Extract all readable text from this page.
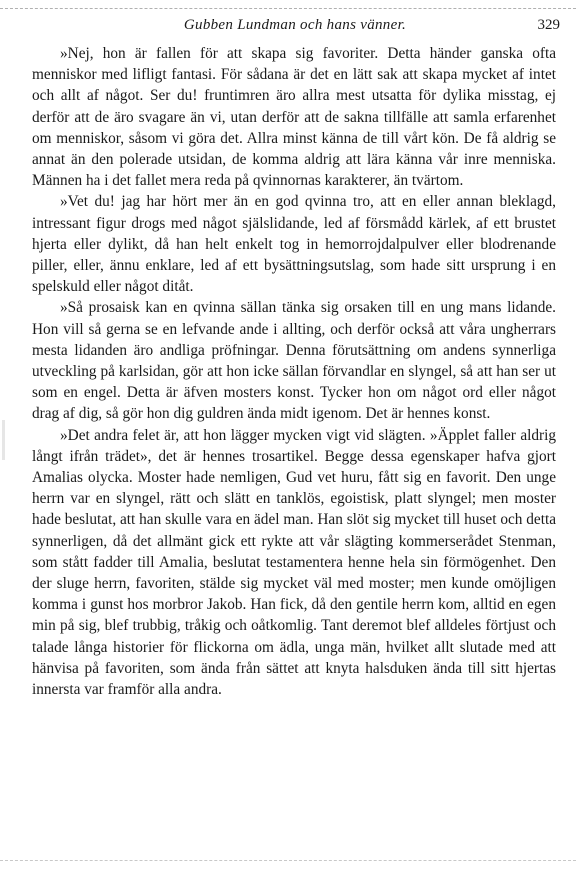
Gubben Lundman och hans vänner.	329

»Nej, hon är fallen för att skapa sig favoriter. Detta händer ganska ofta menniskor med lifligt fantasi. För sådana är det en lätt sak att skapa mycket af intet och allt af något. Ser du! fruntimren äro allra mest utsatta för dylika misstag, ej derför att de äro svagare än vi, utan derför att de sakna tillfälle att samla erfarenhet om menniskor, såsom vi göra det. Allra minst känna de till vårt kön. De få aldrig se annat än den polerade utsidan, de komma aldrig att lära känna vår inre menniska. Männen ha i det fallet mera reda på qvinnornas karakterer, än tvärtom.

»Vet du! jag har hört mer än en god qvinna tro, att en eller annan bleklagd, intressant figur drogs med något själslidande, led af försmådd kärlek, af ett brustet hjerta eller dylikt, då han helt enkelt tog in hemorrojdalpulver eller blodrenande piller, eller, ännu enklare, led af ett bysättningsutslag, som hade sitt ursprung i en spelskuld eller något ditåt.

»Så prosaisk kan en qvinna sällan tänka sig orsaken till en ung mans lidande. Hon vill så gerna se en lefvande ande i allting, och derför också att våra ungherrars mesta lidanden äro andliga pröfningar. Denna förutsättning om andens synnerliga utveckling på karlsidan, gör att hon icke sällan förvandlar en slyngel, så att han ser ut som en engel. Detta är äfven mosters konst. Tycker hon om något ord eller något drag af dig, så gör hon dig guldren ända midt igenom. Det är hennes konst.

»Det andra felet är, att hon lägger mycken vigt vid slägten. »Äpplet faller aldrig långt ifrån trädet», det är hennes trosartikel. Begge dessa egenskaper hafva gjort Amalias olycka. Moster hade nemligen, Gud vet huru, fått sig en favorit. Den unge herrn var en slyngel, rätt och slätt en tanklös, egoistisk, platt slyngel; men moster hade beslutat, att han skulle vara en ädel man. Han slöt sig mycket till huset och detta synnerligen, då det allmänt gick ett rykte att vår slägting kommerserådet Stenman, som stått fadder till Amalia, beslutat testamentera henne hela sin förmögenhet. Den der sluge herrn, favoriten, stälde sig mycket väl med moster; men kunde omöjligen komma i gunst hos morbror Jakob. Han fick, då den gentile herrn kom, alltid en egen min på sig, blef trubbig, tråkig och oåtkomlig. Tant deremot blef alldeles förtjust och talade långa historier för flickorna om ädla, unga män, hvilket allt slutade med att hänvisa på favoriten, som ända från sättet att knyta halsduken ända till sitt hjertas innersta var framför alla andra.
